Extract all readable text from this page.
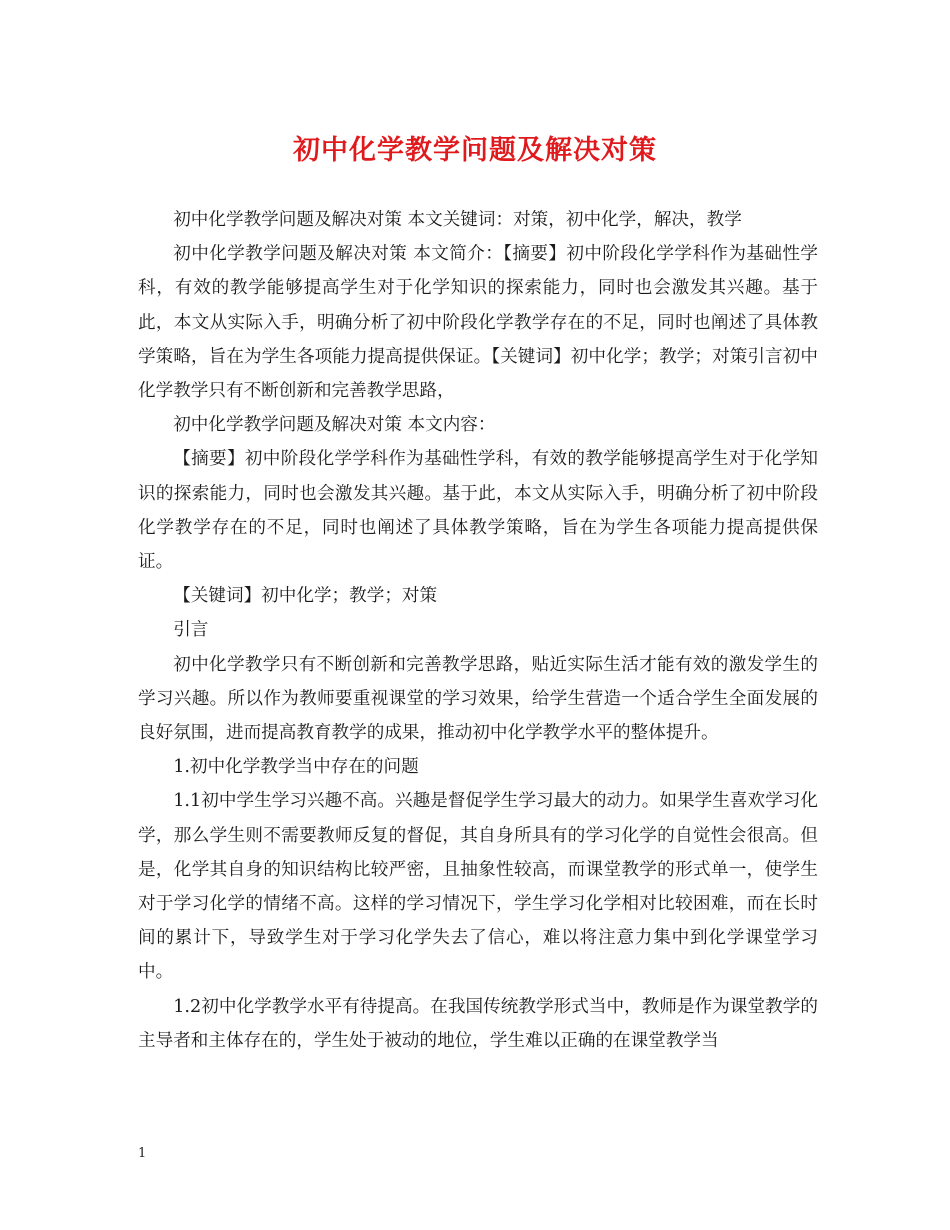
初中化学教学问题及解决对策

初中化学教学问题及解决对策 本文关键词：对策，初中化学，解决，教学

初中化学教学问题及解决对策 本文简介：【摘要】初中阶段化学学科作为基础性学科，有效的教学能够提高学生对于化学知识的探索能力，同时也会激发其兴趣。基于此，本文从实际入手，明确分析了初中阶段化学教学存在的不足，同时也阐述了具体教学策略，旨在为学生各项能力提高提供保证。【关键词】初中化学；教学；对策引言初中化学教学只有不断创新和完善教学思路，

初中化学教学问题及解决对策 本文内容：

【摘要】初中阶段化学学科作为基础性学科，有效的教学能够提高学生对于化学知识的探索能力，同时也会激发其兴趣。基于此，本文从实际入手，明确分析了初中阶段化学教学存在的不足，同时也阐述了具体教学策略，旨在为学生各项能力提高提供保证。

【关键词】初中化学；教学；对策

引言

初中化学教学只有不断创新和完善教学思路，贴近实际生活才能有效的激发学生的学习兴趣。所以作为教师要重视课堂的学习效果，给学生营造一个适合学生全面发展的良好氛围，进而提高教育教学的成果，推动初中化学教学水平的整体提升。

1.初中化学教学当中存在的问题

1.1初中学生学习兴趣不高。兴趣是督促学生学习最大的动力。如果学生喜欢学习化学，那么学生则不需要教师反复的督促，其自身所具有的学习化学的自觉性会很高。但是，化学其自身的知识结构比较严密，且抽象性较高，而课堂教学的形式单一，使学生对于学习化学的情绪不高。这样的学习情况下，学生学习化学相对比较困难，而在长时间的累计下，导致学生对于学习化学失去了信心，难以将注意力集中到化学课堂学习中。

1.2初中化学教学水平有待提高。在我国传统教学形式当中，教师是作为课堂教学的主导者和主体存在的，学生处于被动的地位，学生难以正确的在课堂教学当

1
